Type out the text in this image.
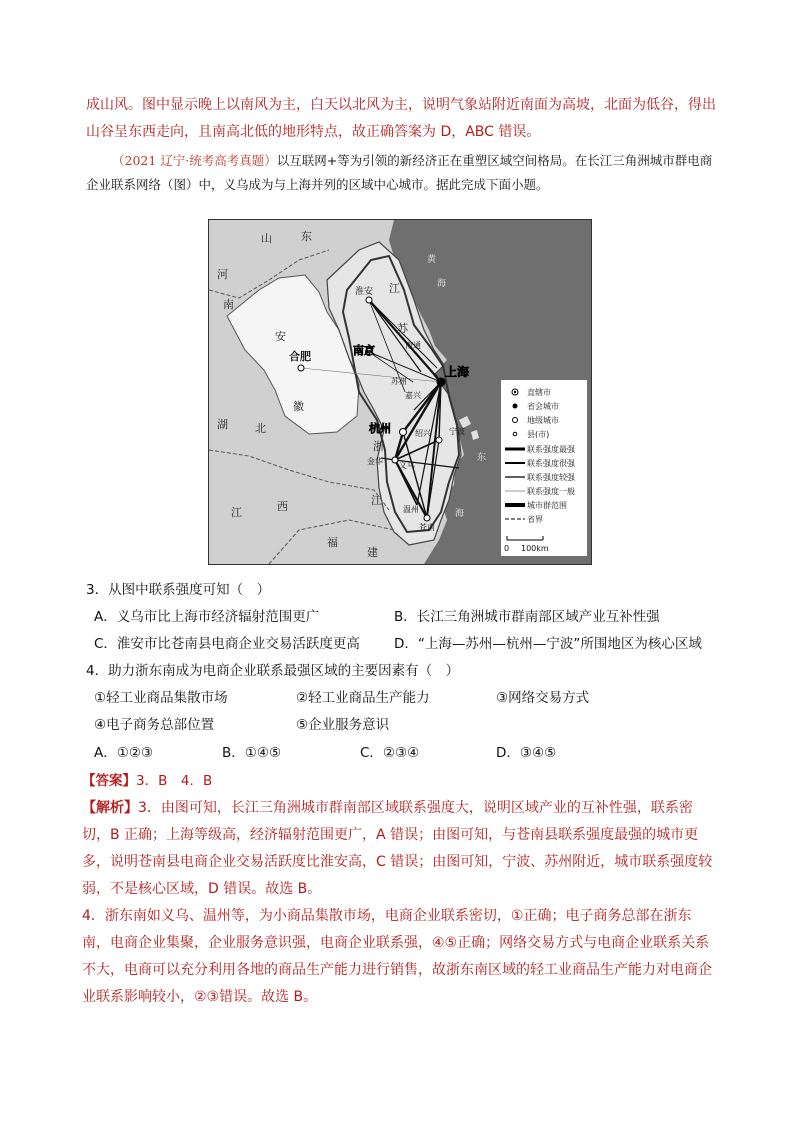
成山风。图中显示晚上以南风为主，白天以北风为主，说明气象站附近南面为高坡，北面为低谷，得出山谷呈东西走向，且南高北低的地形特点，故正确答案为 D，ABC 错误。
（2021 辽宁·统考高考真题）以互联网+等为引领的新经济正在重塑区域空间格局。在长江三角洲城市群电商企业联系网络（图）中，义乌成为与上海并列的区域中心城市。据此完成下面小题。
山	东
河
南
安
徽
湖 北
江	西
福
建
江
苏
浙
江
黄
海
东
海
淮安
合肥	南京	南通
上海
苏州
嘉兴
杭州	绍兴 宁波
金华 义乌
温州
苍南
直辖市
省会城市
地级城市
县(市)
联系强度最强
联系强度很强
联系强度较强
联系强度一般
城市群范围
省界
0 100km
3．从图中联系强度可知（　）
A．义乌市比上海市经济辐射范围更广	B．长江三角洲城市群南部区域产业互补性强
C．淮安市比苍南县电商企业交易活跃度更高	D．“上海—苏州—杭州—宁波”所围地区为核心区域
4．助力浙东南成为电商企业联系最强区域的主要因素有（　）
①轻工业商品集散市场	②轻工业商品生产能力	③网络交易方式
④电子商务总部位置	⑤企业服务意识
A．①②③	B．①④⑤	C．②③④	D．③④⑤
【答案】3．B　4．B
【解析】3．由图可知，长江三角洲城市群南部区域联系强度大，说明区域产业的互补性强，联系密切，B 正确；上海等级高，经济辐射范围更广，A 错误；由图可知，与苍南县联系强度最强的城市更多，说明苍南县电商企业交易活跃度比淮安高，C 错误；由图可知，宁波、苏州附近，城市联系强度较弱，不是核心区域，D 错误。故选 B。
4．浙东南如义乌、温州等，为小商品集散市场，电商企业联系密切，①正确；电子商务总部在浙东南，电商企业集聚，企业服务意识强，电商企业联系强，④⑤正确；网络交易方式与电商企业联系关系不大，电商可以充分利用各地的商品生产能力进行销售，故浙东南区域的轻工业商品生产能力对电商企业联系影响较小，②③错误。故选 B。
